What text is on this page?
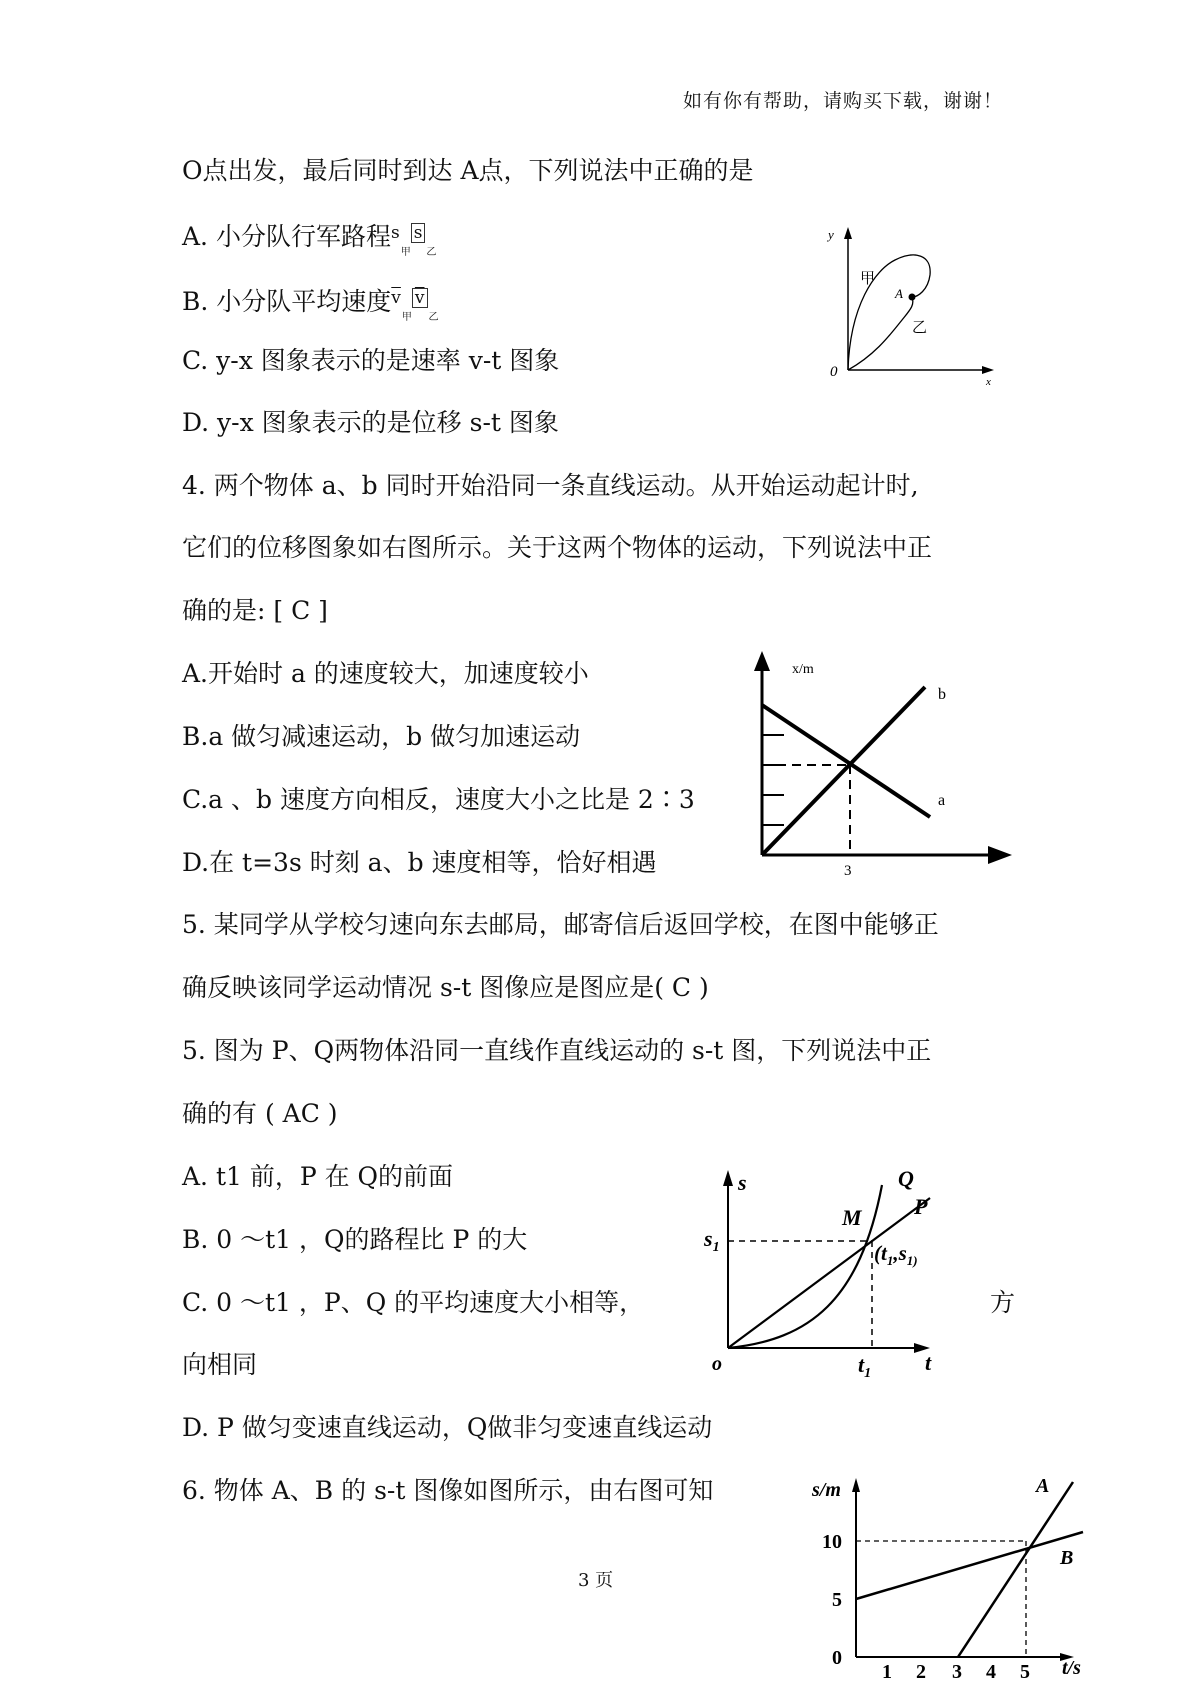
如有你有帮助，请购买下载，谢谢！
O点出发，最后同时到达 A点，下列说法中正确的是
A. 小分队行军路程$^s_甲s_乙$
B. 小分队平均速度$^{\overline{v}}_甲\overline{v}_乙$
C. y-x 图象表示的是速率 v-t 图象
D. y-x 图象表示的是位移 s-t 图象
4. 两个物体 a、b 同时开始沿同一条直线运动。从开始运动起计时,
它们的位移图象如右图所示。关于这两个物体的运动，下列说法中正
确的是: [ C ]
A.开始时 a 的速度较大，加速度较小
B.a 做匀减速运动，b 做匀加速运动
C.a 、b 速度方向相反，速度大小之比是 2∶3
D.在 t=3s 时刻 a、b 速度相等，恰好相遇
5. 某同学从学校匀速向东去邮局，邮寄信后返回学校，在图中能够正
确反映该同学运动情况 s-t 图像应是图应是( C )
5. 图为 P、Q两物体沿同一直线作直线运动的 s-t 图，下列说法中正
确的有 ( AC )
A. t1 前，P 在 Q的前面
B. 0 ～t1 ，Q的路程比 P 的大
C. 0 ～t1 ，P、Q 的平均速度大小相等，	方
向相同
D. P 做匀变速直线运动，Q做非匀变速直线运动
6. 物体 A、B 的 s-t 图像如图所示，由右图可知
3 页
y
x
0
甲
乙
A
x/m
b
a
3
s
t
o
Q
P
M
$s_1$
$t_1$
($t_1,s_{1)}$
s/m
t/s
A
B
10
5
0
1 2 3 4 5
